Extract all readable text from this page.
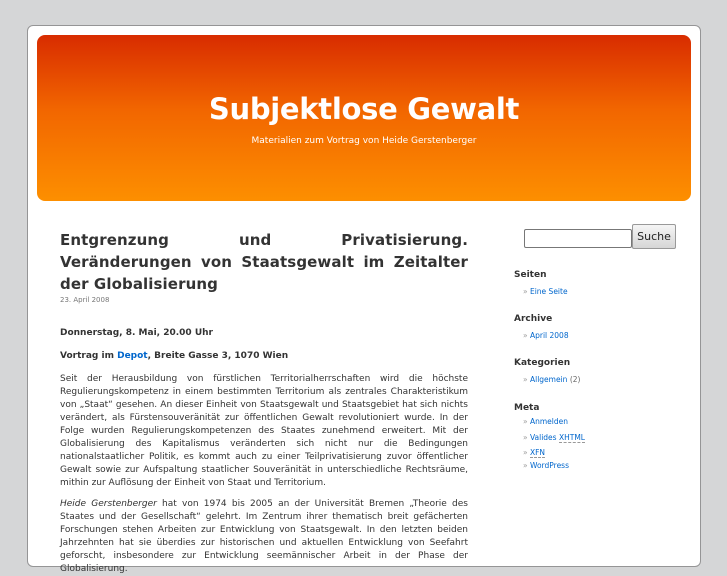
Subjektlose Gewalt
Materialien zum Vortrag von Heide Gerstenberger
Entgrenzung und Privatisierung. Veränderungen von Staatsgewalt im Zeitalter der Globalisierung
23. April 2008

Donnerstag, 8. Mai, 20.00 Uhr

Vortrag im Depot, Breite Gasse 3, 1070 Wien

Seit der Herausbildung von fürstlichen Territorialherrschaften wird die höchste Regulierungskompetenz in einem bestimmten Territorium als zentrales Charakteristikum von „Staat“ gesehen. An dieser Einheit von Staatsgewalt und Staatsgebiet hat sich nichts verändert, als Fürstensouveränität zur öffentlichen Gewalt revolutioniert wurde. In der Folge wurden Regulierungskompetenzen des Staates zunehmend erweitert. Mit der Globalisierung des Kapitalismus veränderten sich nicht nur die Bedingungen nationalstaatlicher Politik, es kommt auch zu einer Teilprivatisierung zuvor öffentlicher Gewalt sowie zur Aufspaltung staatlicher Souveränität in unterschiedliche Rechtsräume, mithin zur Auflösung der Einheit von Staat und Territorium.

Heide Gerstenberger hat von 1974 bis 2005 an der Universität Bremen „Theorie des Staates und der Gesellschaft“ gelehrt. Im Zentrum ihrer thematisch breit gefächerten Forschungen stehen Arbeiten zur Entwicklung von Staatsgewalt. In den letzten beiden Jahrzehnten hat sie überdies zur historischen und aktuellen Entwicklung von Seefahrt geforscht, insbesondere zur Entwicklung seemännischer Arbeit in der Phase der Globalisierung.

Suche
Seiten
» Eine Seite
Archive
» April 2008
Kategorien
» Allgemein (2)
Meta
» Anmelden
» Valides XHTML
» XFN
» WordPress
